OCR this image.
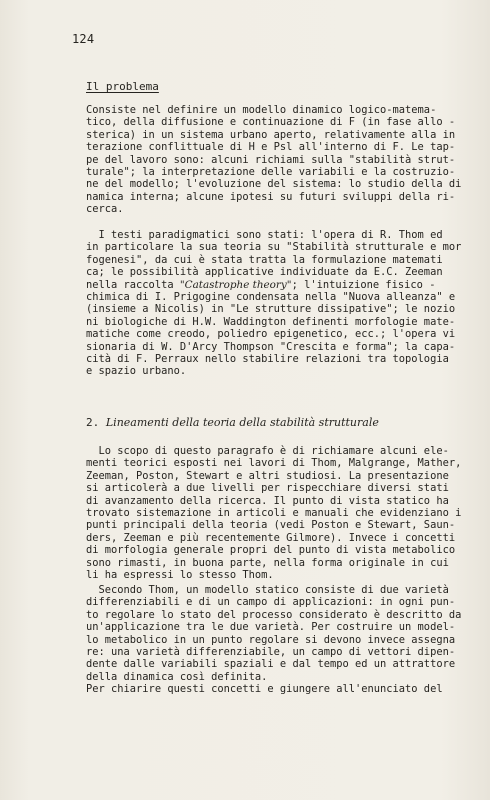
124
Il problema
Consiste nel definire un modello dinamico logico-matema-
tico, della diffusione e continuazione di F (in fase allo -
sterica) in un sistema urbano aperto, relativamente alla in
terazione conflittuale di H e Psl all'interno di F. Le tap-
pe del lavoro sono: alcuni richiami sulla "stabilità strut-
turale"; la interpretazione delle variabili e la costruzio-
ne del modello; l'evoluzione del sistema: lo studio della di
namica interna; alcune ipotesi su futuri sviluppi della ri-
cerca.
I testi paradigmatici sono stati: l'opera di R. Thom ed
in particolare la sua teoria su "Stabilità strutturale e mor
fogenesi", da cui è stata tratta la formulazione matemati
ca; le possibilità applicative individuate da E.C. Zeeman
nella raccolta "Catastrophe theory"; l'intuizione fisico -
chimica di I. Prigogine condensata nella "Nuova alleanza" e
(insieme a Nicolis) in "Le strutture dissipative"; le nozio
ni biologiche di H.W. Waddington definenti morfologie mate-
matiche come creodo, poliedro epigenetico, ecc.; l'opera vi
sionaria di W. D'Arcy Thompson "Crescita e forma"; la capa-
cità di F. Perraux nello stabilire relazioni tra topologia
e spazio urbano.
2. Lineamenti della teoria della stabilità strutturale
Lo scopo di questo paragrafo è di richiamare alcuni ele-
menti teorici esposti nei lavori di Thom, Malgrange, Mather,
Zeeman, Poston, Stewart e altri studiosi. La presentazione
si articolerà a due livelli per rispecchiare diversi stati
di avanzamento della ricerca. Il punto di vista statico ha
trovato sistemazione in articoli e manuali che evidenziano i
punti principali della teoria (vedi Poston e Stewart, Saun-
ders, Zeeman e più recentemente Gilmore). Invece i concetti
di morfologia generale propri del punto di vista metabolico
sono rimasti, in buona parte, nella forma originale in cui
li ha espressi lo stesso Thom.
Secondo Thom, un modello statico consiste di due varietà
differenziabili e di un campo di applicazioni: in ogni pun-
to regolare lo stato del processo considerato è descritto da
un'applicazione tra le due varietà. Per costruire un model-
lo metabolico in un punto regolare si devono invece assegna
re: una varietà differenziabile, un campo di vettori dipen-
dente dalle variabili spaziali e dal tempo ed un attrattore
della dinamica così definita.
Per chiarire questi concetti e giungere all'enunciato del
